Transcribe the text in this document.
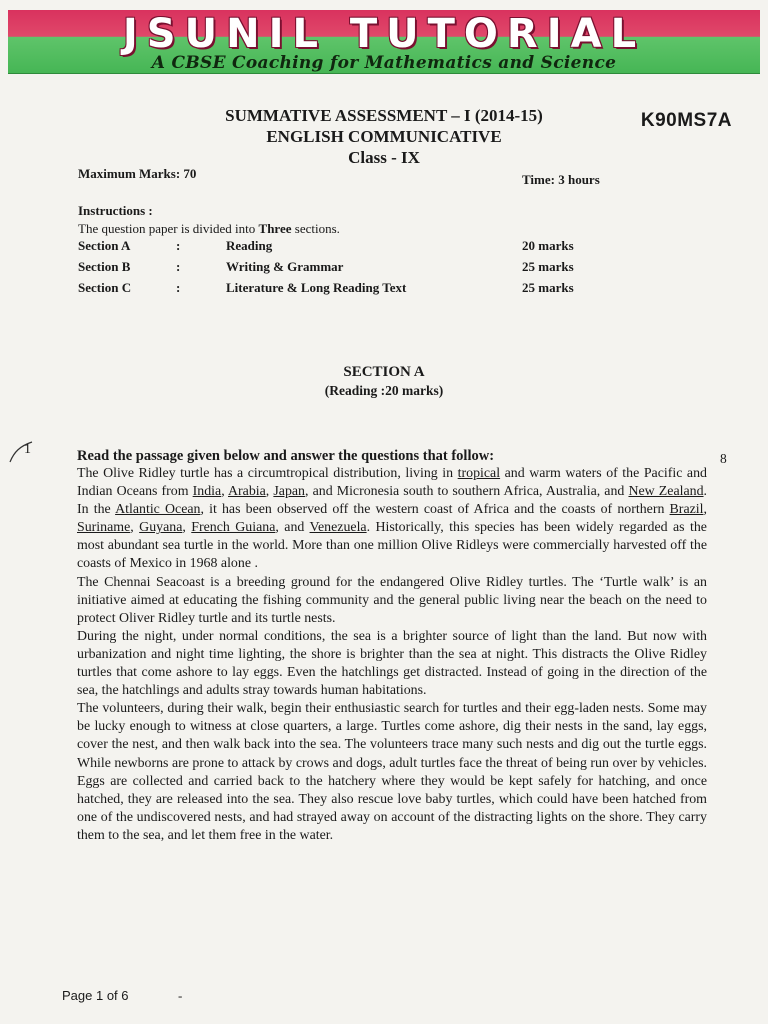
JSUNIL TUTORIAL
A CBSE Coaching for Mathematics and Science
SUMMATIVE ASSESSMENT – I (2014-15)
ENGLISH COMMUNICATIVE
Class - IX
K90MS7A
Maximum Marks: 70	Time: 3 hours
Instructions :
The question paper is divided into Three sections.
Section A	:	Reading	20 marks
Section B	:	Writing & Grammar	25 marks
Section C	:	Literature & Long Reading Text	25 marks
SECTION A
(Reading :20 marks)
1
8
Read the passage given below and answer the questions that follow:

The Olive Ridley turtle has a circumtropical distribution, living in tropical and warm waters of the Pacific and Indian Oceans from India, Arabia, Japan, and Micronesia south to southern Africa, Australia, and New Zealand. In the Atlantic Ocean, it has been observed off the western coast of Africa and the coasts of northern Brazil, Suriname, Guyana, French Guiana, and Venezuela. Historically, this species has been widely regarded as the most abundant sea turtle in the world. More than one million Olive Ridleys were commercially harvested off the coasts of Mexico in 1968 alone .

The Chennai Seacoast is a breeding ground for the endangered Olive Ridley turtles. The ‘Turtle walk’ is an initiative aimed at educating the fishing community and the general public living near the beach on the need to protect Oliver Ridley turtle and its turtle nests.

During the night, under normal conditions, the sea is a brighter source of light than the land. But now with urbanization and night time lighting, the shore is brighter than the sea at night. This distracts the Olive Ridley turtles that come ashore to lay eggs. Even the hatchlings get distracted. Instead of going in the direction of the sea, the hatchlings and adults stray towards human habitations.

The volunteers, during their walk, begin their enthusiastic search for turtles and their egg-laden nests. Some may be lucky enough to witness at close quarters, a large. Turtles come ashore, dig their nests in the sand, lay eggs, cover the nest, and then walk back into the sea. The volunteers trace many such nests and dig out the turtle eggs. While newborns are prone to attack by crows and dogs, adult turtles face the threat of being run over by vehicles. Eggs are collected and carried back to the hatchery where they would be kept safely for hatching, and once hatched, they are released into the sea. They also rescue love baby turtles, which could have been hatched from one of the undiscovered nests, and had strayed away on account of the distracting lights on the shore. They carry them to the sea, and let them free in the water.

Page 1 of 6	-
